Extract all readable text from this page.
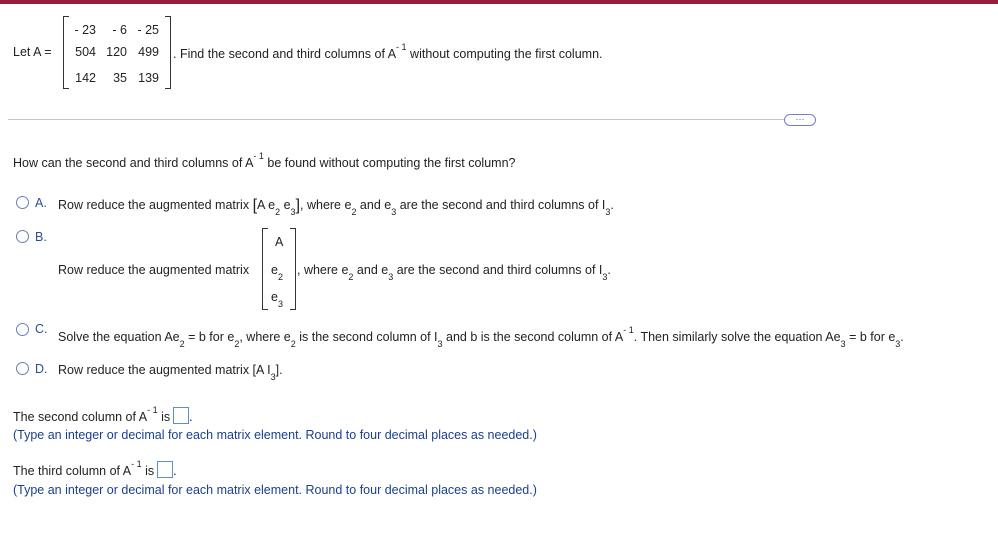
Let A =
- 23 - 6 - 25
504 120 499
142 35 139
. Find the second and third columns of $A^{- 1}$ without computing the first column.
···
How can the second and third columns of $A^{- 1}$ be found without computing the first column?
A. Row reduce the augmented matrix [A $e_2$ $e_3$], where $e_2$ and $e_3$ are the second and third columns of $I_3$.
B.
Row reduce the augmented matrix
A
$e_2$
$e_3$
, where $e_2$ and $e_3$ are the second and third columns of $I_3$.
C.
Solve the equation $Ae_2 = b$ for $e_2$, where $e_2$ is the second column of $I_3$ and b is the second column of $A^{- 1}$. Then similarly solve the equation $Ae_3 = b$ for $e_3$.
D. Row reduce the augmented matrix [A $I_3$].
The second column of $A^{- 1}$ is .
(Type an integer or decimal for each matrix element. Round to four decimal places as needed.)
The third column of $A^{- 1}$ is .
(Type an integer or decimal for each matrix element. Round to four decimal places as needed.)
